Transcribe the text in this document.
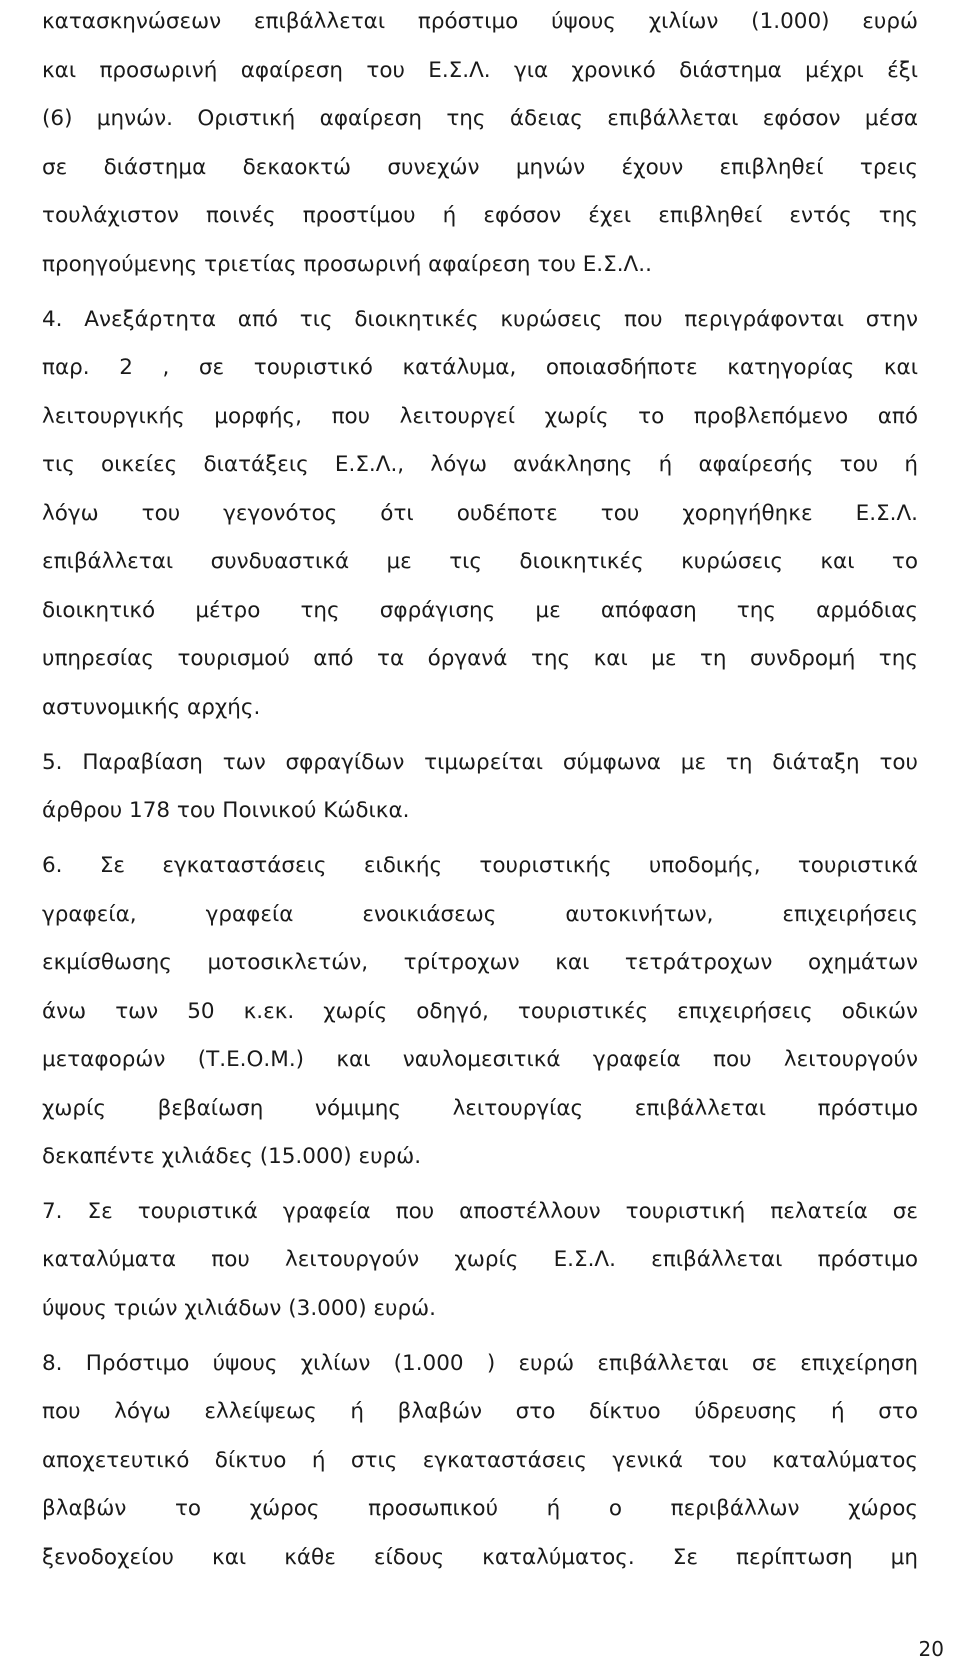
κατασκηνώσεων επιβάλλεται πρόστιμο ύψους χιλίων (1.000) ευρώ
και προσωρινή αφαίρεση του Ε.Σ.Λ. για χρονικό διάστημα μέχρι έξι
(6) μηνών. Οριστική αφαίρεση της άδειας επιβάλλεται εφόσον μέσα
σε διάστημα δεκαοκτώ συνεχών μηνών έχουν επιβληθεί τρεις
τουλάχιστον ποινές προστίμου ή εφόσον έχει επιβληθεί εντός της
προηγούμενης τριετίας προσωρινή αφαίρεση του Ε.Σ.Λ..
4. Ανεξάρτητα από τις διοικητικές κυρώσεις που περιγράφονται στην
παρ. 2 , σε τουριστικό κατάλυμα, οποιασδήποτε κατηγορίας και
λειτουργικής μορφής, που λειτουργεί χωρίς το προβλεπόμενο από
τις οικείες διατάξεις Ε.Σ.Λ., λόγω ανάκλησης ή αφαίρεσής του ή
λόγω του γεγονότος ότι ουδέποτε του χορηγήθηκε Ε.Σ.Λ.
επιβάλλεται συνδυαστικά με τις διοικητικές κυρώσεις και το
διοικητικό μέτρο της σφράγισης με απόφαση της αρμόδιας
υπηρεσίας τουρισμού από τα όργανά της και με τη συνδρομή της
αστυνομικής αρχής.
5. Παραβίαση των σφραγίδων τιμωρείται σύμφωνα με τη διάταξη του
άρθρου 178 του Ποινικού Κώδικα.
6. Σε εγκαταστάσεις ειδικής τουριστικής υποδομής, τουριστικά
γραφεία, γραφεία ενοικιάσεως αυτοκινήτων, επιχειρήσεις
εκμίσθωσης μοτοσικλετών, τρίτροχων και τετράτροχων οχημάτων
άνω των 50 κ.εκ. χωρίς οδηγό, τουριστικές επιχειρήσεις οδικών
μεταφορών (Τ.Ε.Ο.Μ.) και ναυλομεσιτικά γραφεία που λειτουργούν
χωρίς βεβαίωση νόμιμης λειτουργίας επιβάλλεται πρόστιμο
δεκαπέντε χιλιάδες (15.000) ευρώ.
7. Σε τουριστικά γραφεία που αποστέλλουν τουριστική πελατεία σε
καταλύματα που λειτουργούν χωρίς Ε.Σ.Λ. επιβάλλεται πρόστιμο
ύψους τριών χιλιάδων (3.000) ευρώ.
8. Πρόστιμο ύψους χιλίων (1.000 ) ευρώ επιβάλλεται σε επιχείρηση
που λόγω ελλείψεως ή βλαβών στο δίκτυο ύδρευσης ή στο
αποχετευτικό δίκτυο ή στις εγκαταστάσεις γενικά του καταλύματος
βλαβών το χώρος προσωπικού ή ο περιβάλλων χώρος
ξενοδοχείου και κάθε είδους καταλύματος. Σε περίπτωση μη
20
